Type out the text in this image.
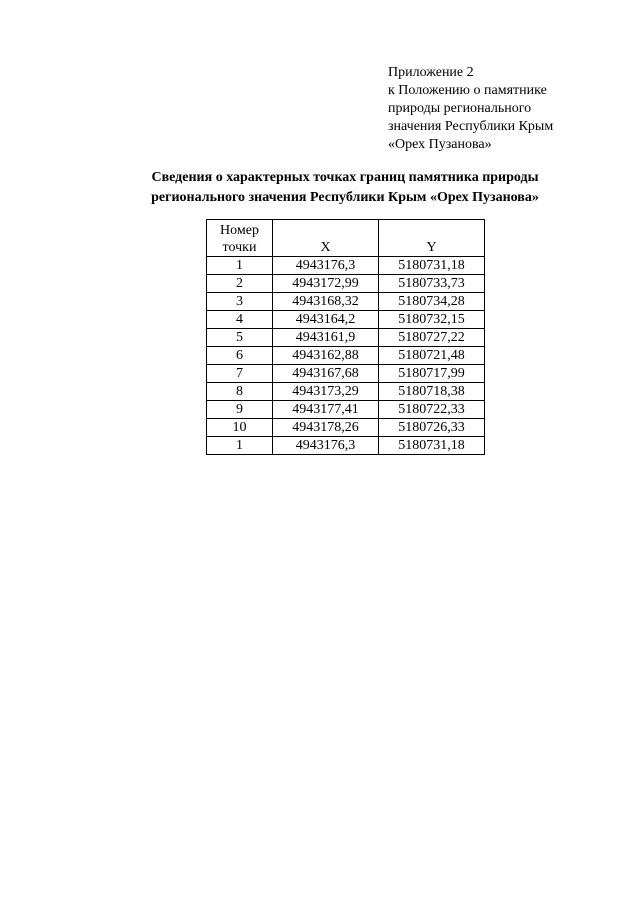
Приложение 2
к Положению о памятнике
природы регионального
значения Республики Крым
«Орех Пузанова»
Сведения о характерных точках границ памятника природы
регионального значения Республики Крым «Орех Пузанова»
Номер
точки	X	Y
1	4943176,3	5180731,18
2	4943172,99	5180733,73
3	4943168,32	5180734,28
4	4943164,2	5180732,15
5	4943161,9	5180727,22
6	4943162,88	5180721,48
7	4943167,68	5180717,99
8	4943173,29	5180718,38
9	4943177,41	5180722,33
10	4943178,26	5180726,33
1	4943176,3	5180731,18
